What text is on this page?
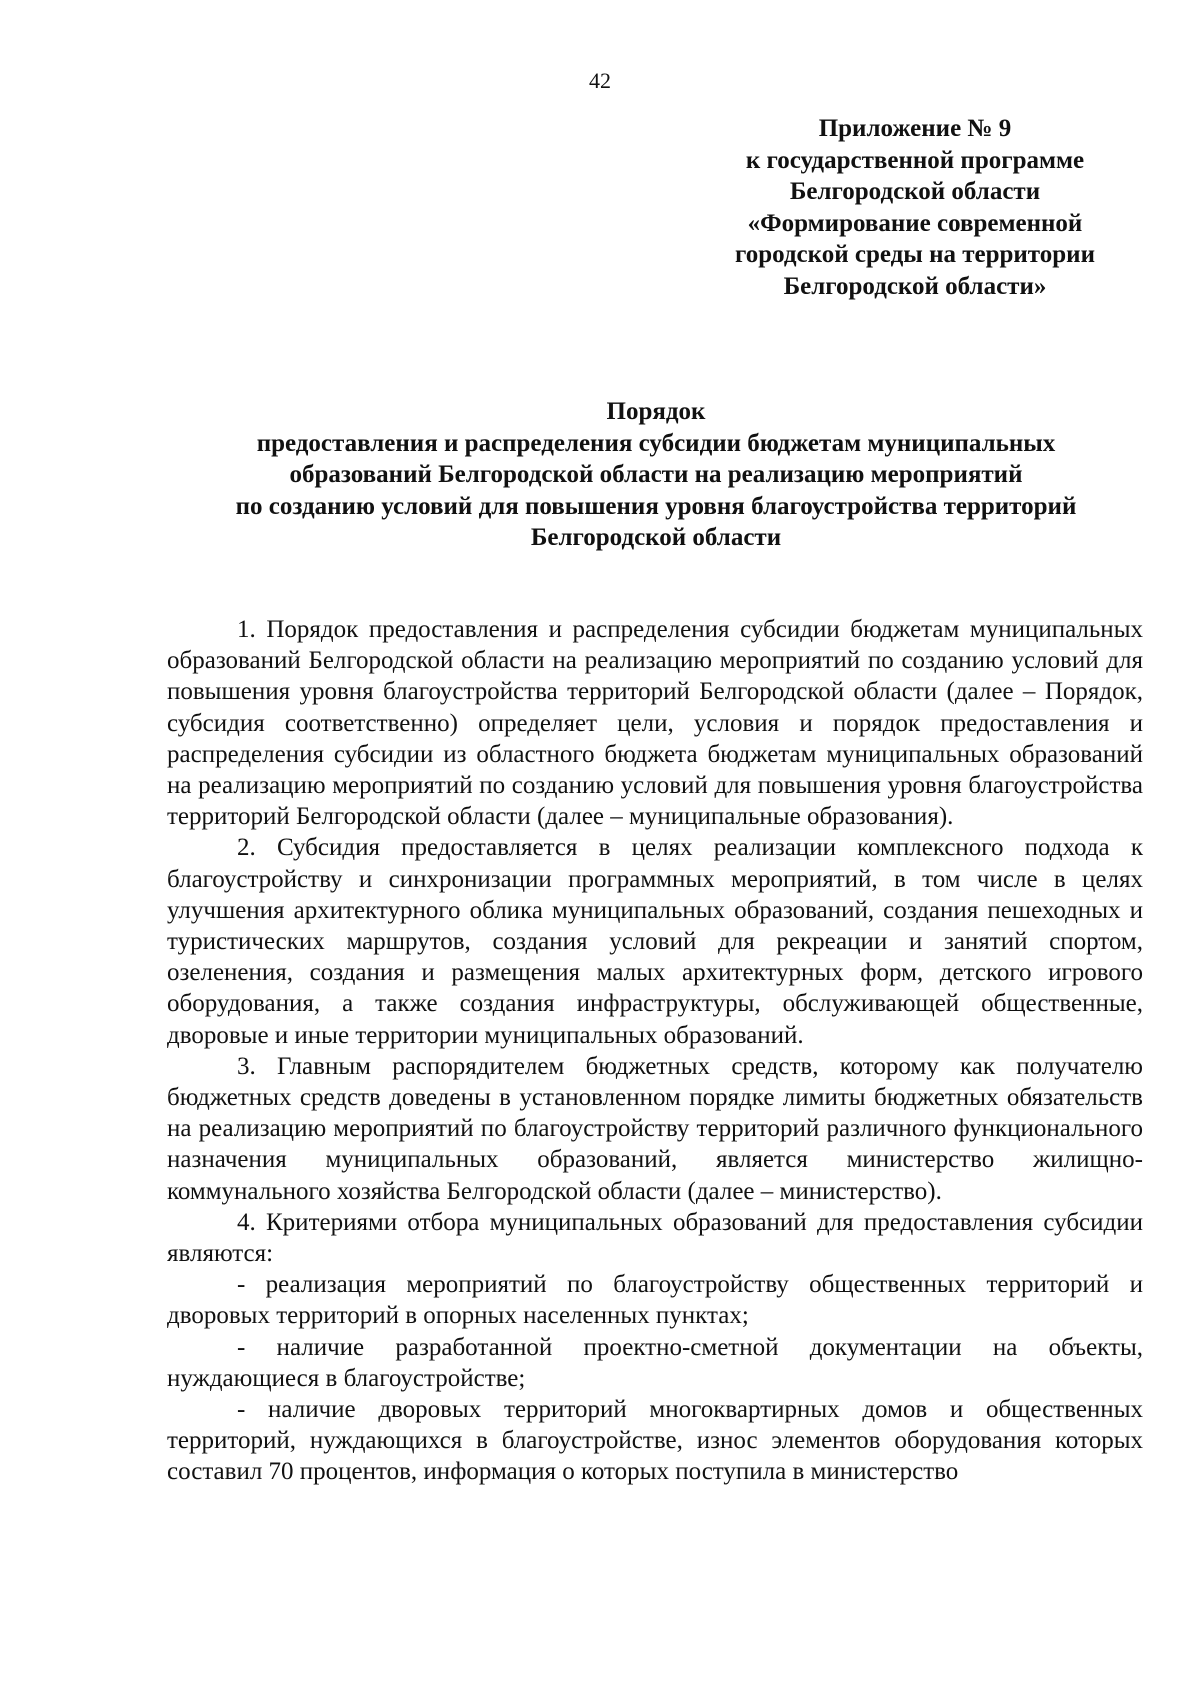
42
Приложение № 9
к государственной программе
Белгородской области
«Формирование современной
городской среды на территории
Белгородской области»
Порядок
предоставления и распределения субсидии бюджетам муниципальных
образований Белгородской области на реализацию мероприятий
по созданию условий для повышения уровня благоустройства территорий
Белгородской области

1. Порядок предоставления и распределения субсидии бюджетам муниципальных образований Белгородской области на реализацию мероприятий по созданию условий для повышения уровня благоустройства территорий Белгородской области (далее – Порядок, субсидия соответственно) определяет цели, условия и порядок предоставления и распределения субсидии из областного бюджета бюджетам муниципальных образований на реализацию мероприятий по созданию условий для повышения уровня благоустройства территорий Белгородской области (далее – муниципальные образования).

2. Субсидия предоставляется в целях реализации комплексного подхода к благоустройству и синхронизации программных мероприятий, в том числе в целях улучшения архитектурного облика муниципальных образований, создания пешеходных и туристических маршрутов, создания условий для рекреации и занятий спортом, озеленения, создания и размещения малых архитектурных форм, детского игрового оборудования, а также создания инфраструктуры, обслуживающей общественные, дворовые и иные территории муниципальных образований.

3. Главным распорядителем бюджетных средств, которому как получателю бюджетных средств доведены в установленном порядке лимиты бюджетных обязательств на реализацию мероприятий по благоустройству территорий различного функционального назначения муниципальных образований, является министерство жилищно-коммунального хозяйства Белгородской области (далее – министерство).

4. Критериями отбора муниципальных образований для предоставления субсидии являются:

- реализация мероприятий по благоустройству общественных территорий и дворовых территорий в опорных населенных пунктах;

- наличие разработанной проектно-сметной документации на объекты, нуждающиеся в благоустройстве;

- наличие дворовых территорий многоквартирных домов и общественных территорий, нуждающихся в благоустройстве, износ элементов оборудования которых составил 70 процентов, информация о которых поступила в министерство
